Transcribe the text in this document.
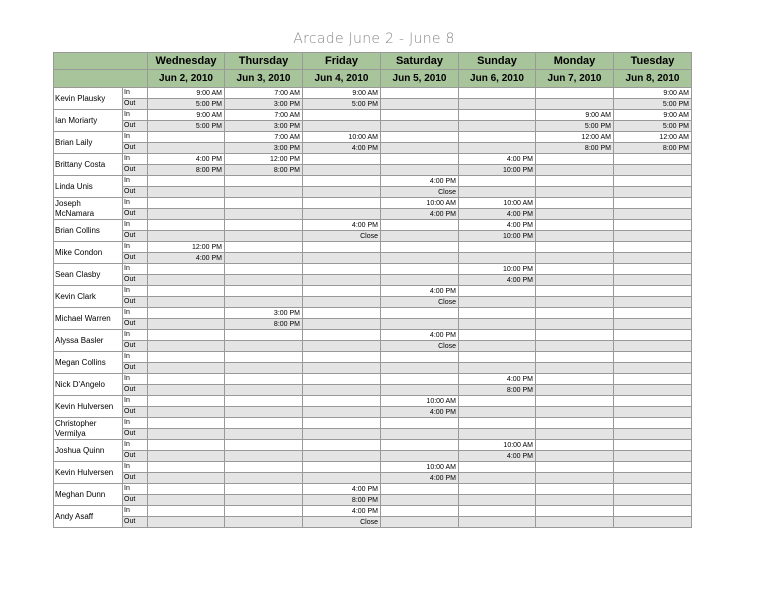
Arcade June 2 - June 8
		Wednesday	Thursday	Friday	Saturday	Sunday	Monday	Tuesday
		Jun 2, 2010	Jun 3, 2010	Jun 4, 2010	Jun 5, 2010	Jun 6, 2010	Jun 7, 2010	Jun 8, 2010
Kevin Plausky	In	9:00 AM	7:00 AM	9:00 AM				9:00 AM
	Out	5:00 PM	3:00 PM	5:00 PM				5:00 PM
Ian Moriarty	In	9:00 AM	7:00 AM				9:00 AM	9:00 AM
	Out	5:00 PM	3:00 PM				5:00 PM	5:00 PM
Brian Laily	In		7:00 AM	10:00 AM			12:00 AM	12:00 AM
	Out		3:00 PM	4:00 PM			8:00 PM	8:00 PM
Brittany Costa	In	4:00 PM	12:00 PM			4:00 PM		
	Out	8:00 PM	8:00 PM			10:00 PM		
Linda Unis	In				4:00 PM			
	Out				Close			
Joseph McNamara	In				10:00 AM	10:00 AM		
	Out				4:00 PM	4:00 PM		
Brian Collins	In			4:00 PM		4:00 PM		
	Out			Close		10:00 PM		
Mike Condon	In	12:00 PM						
	Out	4:00 PM						
Sean Clasby	In					10:00 PM		
	Out					4:00 PM		
Kevin Clark	In				4:00 PM			
	Out				Close			
Michael Warren	In		3:00 PM					
	Out		8:00 PM					
Alyssa Basler	In				4:00 PM			
	Out				Close			
Megan Collins	In							
	Out							
Nick D'Angelo	In					4:00 PM		
	Out					8:00 PM		
Kevin Hulversen	In				10:00 AM			
	Out				4:00 PM			
Christopher Vermilya	In							
	Out							
Joshua Quinn	In					10:00 AM		
	Out					4:00 PM		
Kevin Hulversen	In				10:00 AM			
	Out				4:00 PM			
Meghan Dunn	In			4:00 PM				
	Out			8:00 PM				
Andy Asaff	In			4:00 PM				
	Out			Close				
